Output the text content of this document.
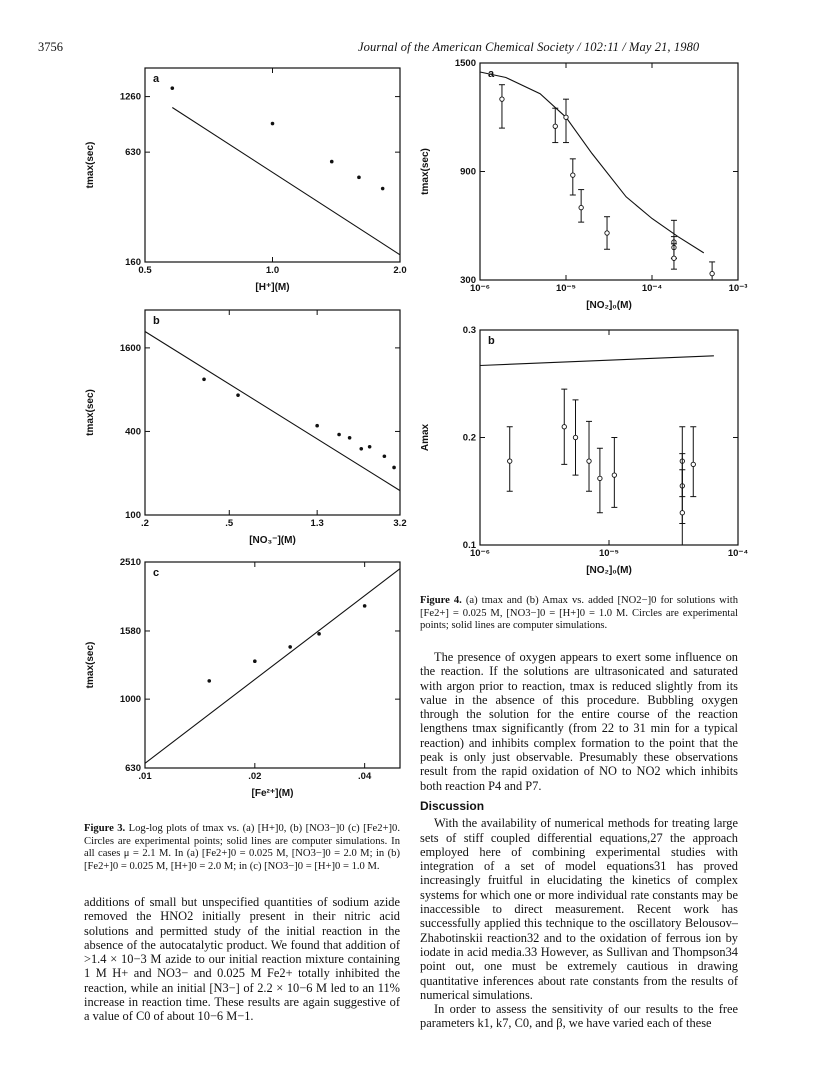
3756	Journal of the American Chemical Society / 102:11 / May 21, 1980
160
630
1260
0.5	1.0	2.0
[H⁺](M)
tmax(sec)
a
100
400
1600
.2	.5	1.3	3.2
[NO₃⁻](M)
tmax(sec)
b
630
1000
1580
2510
.01	.02	.04
[Fe²⁺](M)
tmax(sec)
c
300
900
1500
10⁻⁶	10⁻⁵	10⁻⁴	10⁻³
[NO₂]₀(M)
tmax(sec)
a
0.1
0.2
0.3
10⁻⁶	10⁻⁵	10⁻⁴
[NO₂]₀(M)
Amax
b
Figure 3. Log-log plots of tmax vs. (a) [H+]0, (b) [NO3−]0 (c) [Fe2+]0. Circles are experimental points; solid lines are computer simulations. In all cases μ = 2.1 M. In (a) [Fe2+]0 = 0.025 M, [NO3−]0 = 2.0 M; in (b) [Fe2+]0 = 0.025 M, [H+]0 = 2.0 M; in (c) [NO3−]0 = [H+]0 = 1.0 M.
Figure 4. (a) tmax and (b) Amax vs. added [NO2−]0 for solutions with [Fe2+] = 0.025 M, [NO3−]0 = [H+]0 = 1.0 M. Circles are experimental points; solid lines are computer simulations.

additions of small but unspecified quantities of sodium azide removed the HNO2 initially present in their nitric acid solutions and permitted study of the initial reaction in the absence of the autocatalytic product. We found that addition of >1.4 × 10−3 M azide to our initial reaction mixture containing 1 M H+ and NO3− and 0.025 M Fe2+ totally inhibited the reaction, while an initial [N3−] of 2.2 × 10−6 M led to an 11% increase in reaction time. These results are again suggestive of a value of C0 of about 10−6 M−1.

The presence of oxygen appears to exert some influence on the reaction. If the solutions are ultrasonicated and saturated with argon prior to reaction, tmax is reduced slightly from its value in the absence of this procedure. Bubbling oxygen through the solution for the entire course of the reaction lengthens tmax significantly (from 22 to 31 min for a typical reaction) and inhibits complex formation to the point that the peak is only just observable. Presumably these observations result from the rapid oxidation of NO to NO2 which inhibits both reaction P4 and P7.

Discussion

With the availability of numerical methods for treating large sets of stiff coupled differential equations,27 the approach employed here of combining experimental studies with integration of a set of model equations31 has proved increasingly fruitful in elucidating the kinetics of complex systems for which one or more individual rate constants may be inaccessible to direct measurement. Recent work has successfully applied this technique to the oscillatory Belousov–Zhabotinskii reaction32 and to the oxidation of ferrous ion by iodate in acid media.33 However, as Sullivan and Thompson34 point out, one must be extremely cautious in drawing quantitative inferences about rate constants from the results of numerical simulations.

In order to assess the sensitivity of our results to the free parameters k1, k7, C0, and β, we have varied each of these
